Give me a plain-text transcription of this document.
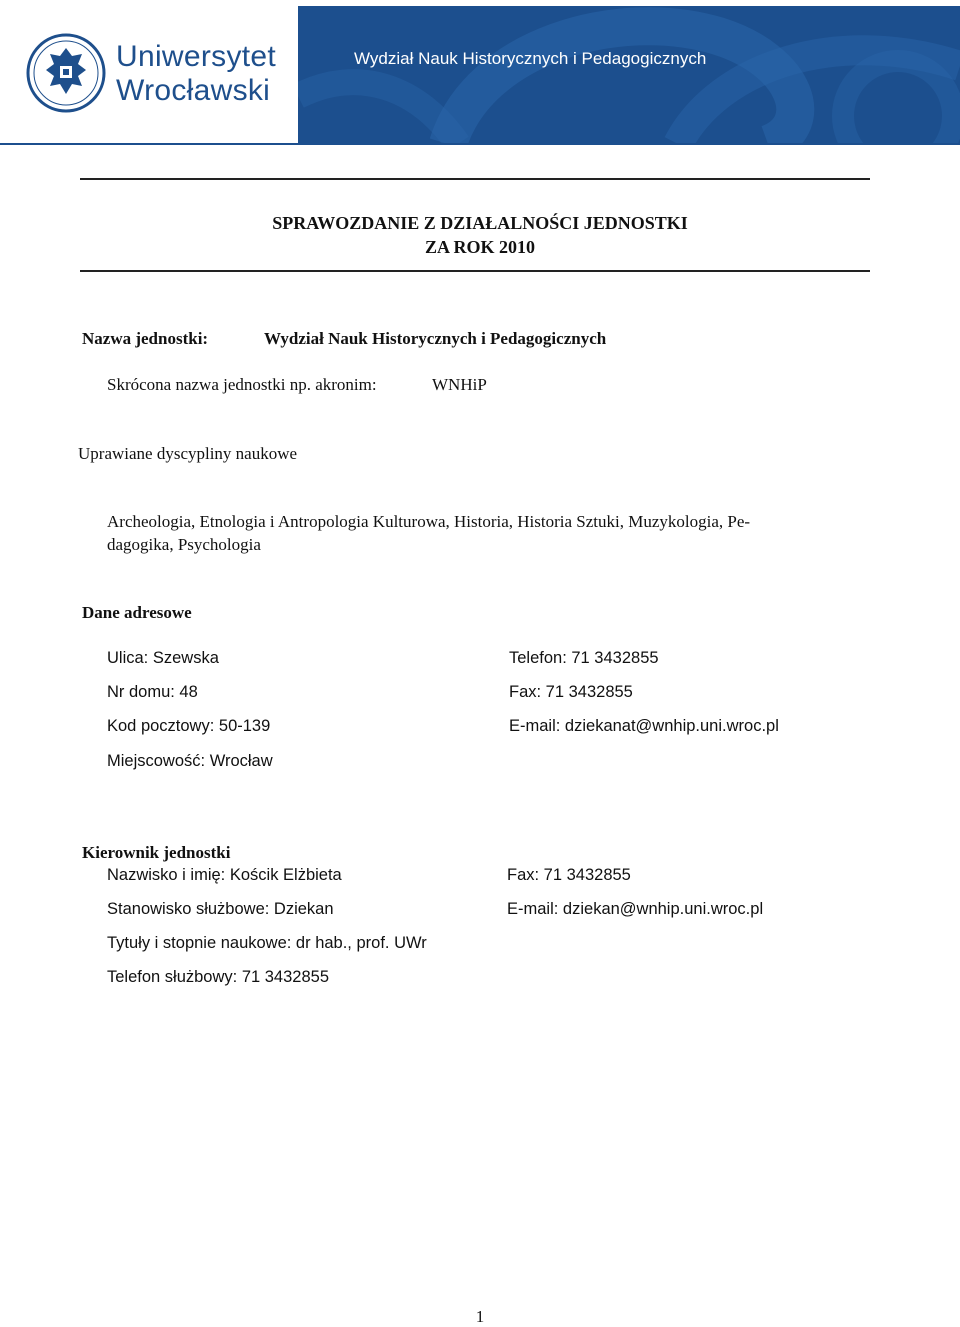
Uniwersytet
Wrocławski
Wydział Nauk Historycznych i Pedagogicznych
SPRAWOZDANIE Z DZIAŁALNOŚCI JEDNOSTKI
ZA ROK 2010
Nazwa jednostki:	Wydział Nauk Historycznych i Pedagogicznych
Skrócona nazwa jednostki np. akronim:	WNHiP
Uprawiane dyscypliny naukowe
Archeologia, Etnologia i Antropologia Kulturowa, Historia, Historia Sztuki, Muzykologia, Pe-
dagogika, Psychologia
Dane adresowe
Ulica: Szewska
Nr domu: 48
Kod pocztowy: 50-139
Miejscowość: Wrocław
Telefon: 71 3432855
Fax: 71 3432855
E-mail: dziekanat@wnhip.uni.wroc.pl
Kierownik jednostki
Nazwisko i imię: Kościk Elżbieta
Stanowisko służbowe: Dziekan
Tytuły i stopnie naukowe: dr hab., prof. UWr
Telefon służbowy: 71 3432855
Fax: 71 3432855
E-mail: dziekan@wnhip.uni.wroc.pl
1
